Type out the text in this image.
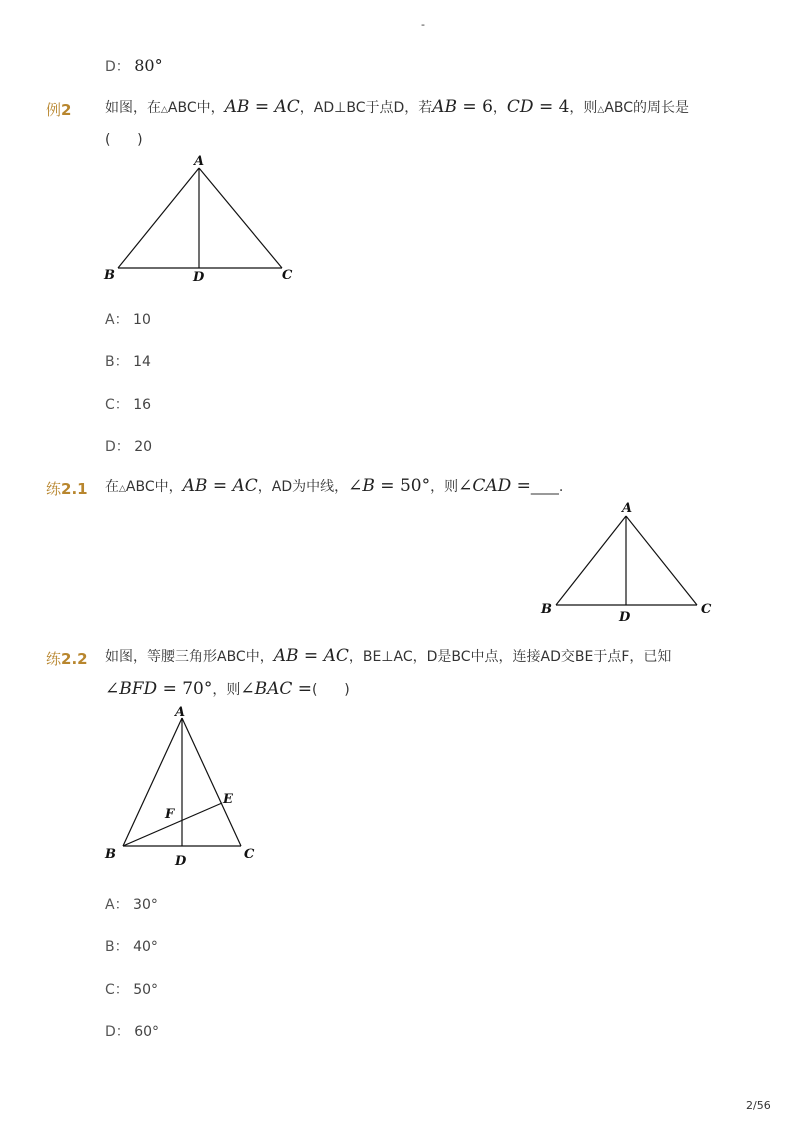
-
D： 80°
例2 如图，在△ABC中，AB = AC，AD⊥BC于点D，若AB = 6，CD = 4，则△ABC的周长是
(      )
A
B	C
D
A： 10
B： 14
C： 16
D： 20
练2.1 在△ABC中，AB = AC，AD为中线，∠B = 50°，则∠CAD =____.
A
B	C
D
练2.2 如图，等腰三角形ABC中，AB = AC，BE⊥AC，D是BC中点，连接AD交BE于点F，已知
∠BFD = 70°，则∠BAC =(      )
A
B	C
D
E
F
A： 30°
B： 40°
C： 50°
D： 60°
2/56
